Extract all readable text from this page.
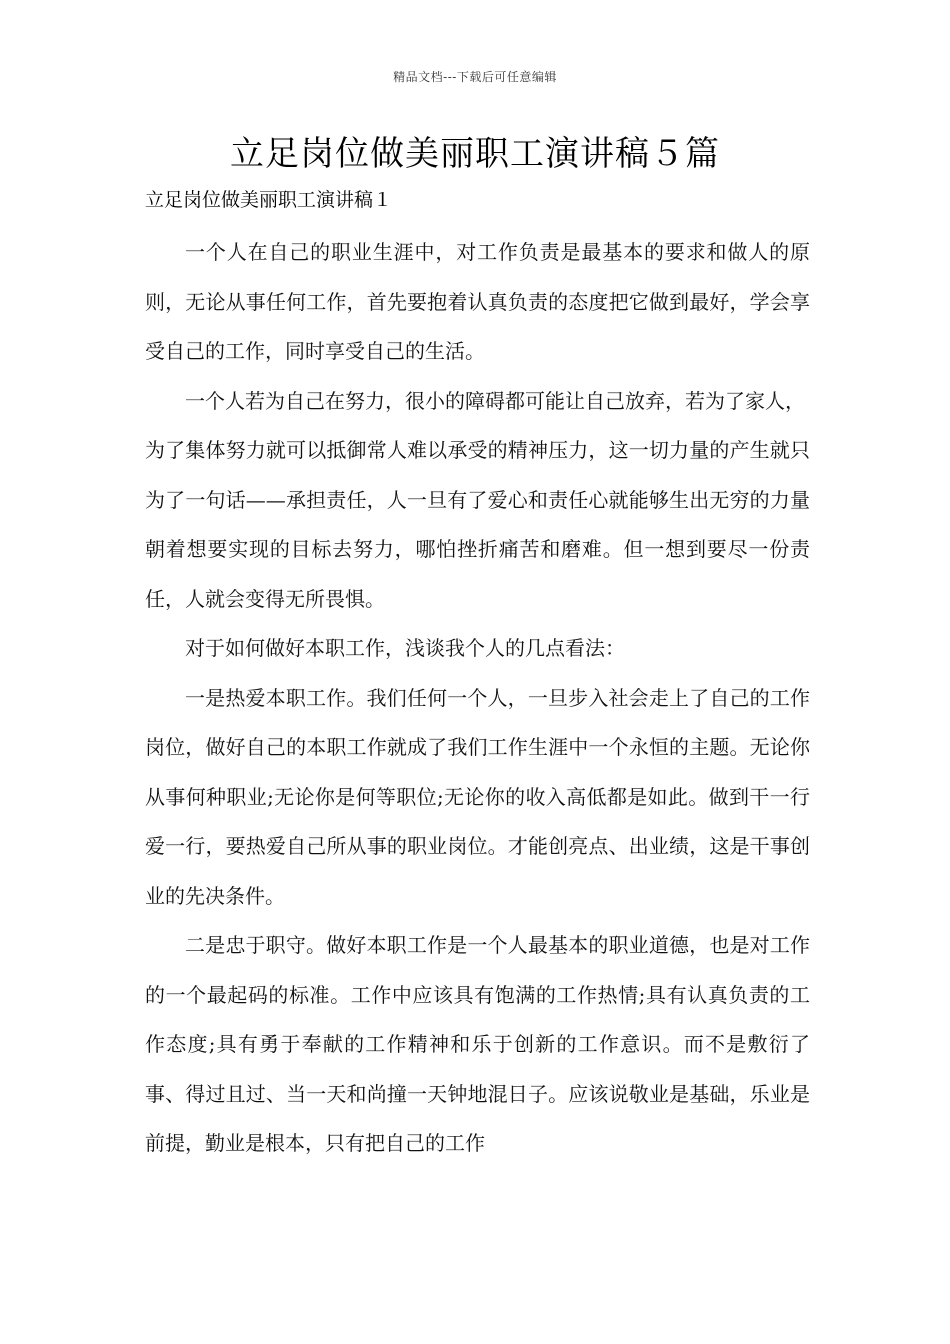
精品文档---下载后可任意编辑
立足岗位做美丽职工演讲稿５篇
立足岗位做美丽职工演讲稿１

一个人在自己的职业生涯中，对工作负责是最基本的要求和做人的原则，无论从事任何工作，首先要抱着认真负责的态度把它做到最好，学会享受自己的工作，同时享受自己的生活。

一个人若为自己在努力，很小的障碍都可能让自己放弃，若为了家人，

为了集体努力就可以抵御常人难以承受的精神压力，这一切力量的产生就只为了一句话——承担责任，人一旦有了爱心和责任心就能够生出无穷的力量朝着想要实现的目标去努力，哪怕挫折痛苦和磨难。但一想到要尽一份责任，人就会变得无所畏惧。

对于如何做好本职工作，浅谈我个人的几点看法：

一是热爱本职工作。我们任何一个人，一旦步入社会走上了自己的工作岗位，做好自己的本职工作就成了我们工作生涯中一个永恒的主题。无论你从事何种职业;无论你是何等职位;无论你的收入高低都是如此。做到干一行爱一行，要热爱自己所从事的职业岗位。才能创亮点、出业绩，这是干事创业的先决条件。

二是忠于职守。做好本职工作是一个人最基本的职业道德，也是对工作的一个最起码的标准。工作中应该具有饱满的工作热情;具有认真负责的工作态度;具有勇于奉献的工作精神和乐于创新的工作意识。而不是敷衍了事、得过且过、当一天和尚撞一天钟地混日子。应该说敬业是基础，乐业是前提，勤业是根本，只有把自己的工作
